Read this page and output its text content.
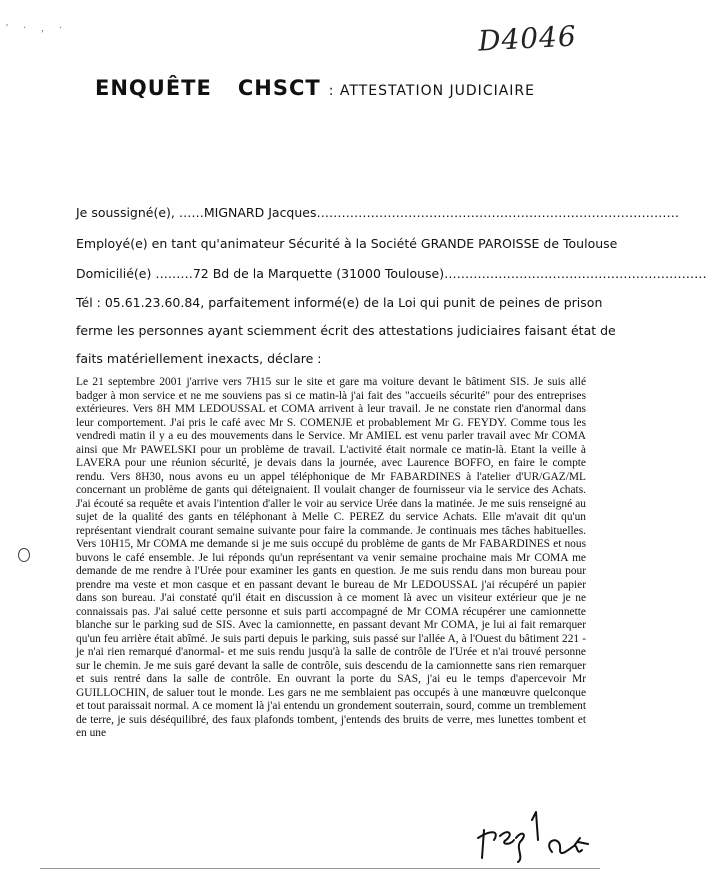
' · , ·	D4046
ENQUÊTE CHSCT : ATTESTATION JUDICIAIRE
Je soussigné(e), ……MIGNARD Jacques……………………………………………………………………………
Employé(e) en tant qu'animateur Sécurité à la Société GRANDE PAROISSE de Toulouse
Domicilié(e) ………72 Bd de la Marquette (31000 Toulouse)………………………………………………………
Tél : 05.61.23.60.84, parfaitement informé(e) de la Loi qui punit de peines de prison
ferme les personnes ayant sciemment écrit des attestations judiciaires faisant état de
faits matériellement inexacts, déclare :

Le 21 septembre 2001 j'arrive vers 7H15 sur le site et gare ma voiture devant le bâtiment SIS. Je suis allé badger à mon service et ne me souviens pas si ce matin-là j'ai fait des "accueils sécurité" pour des entreprises extérieures. Vers 8H MM LEDOUSSAL et COMA arrivent à leur travail. Je ne constate rien d'anormal dans leur comportement. J'ai pris le café avec Mr S. COMENJE et probablement Mr G. FEYDY. Comme tous les vendredi matin il y a eu des mouvements dans le Service. Mr AMIEL est venu parler travail avec Mr COMA ainsi que Mr PAWELSKI pour un problème de travail. L'activité était normale ce matin-là. Etant la veille à LAVERA pour une réunion sécurité, je devais dans la journée, avec Laurence BOFFO, en faire le compte rendu. Vers 8H30, nous avons eu un appel téléphonique de Mr FABARDINES à l'atelier d'UR/GAZ/ML concernant un problème de gants qui déteignaient. Il voulait changer de fournisseur via le service des Achats. J'ai écouté sa requête et avais l'intention d'aller le voir au service Urée dans la matinée. Je me suis renseigné au sujet de la qualité des gants en téléphonant à Melle C. PEREZ du service Achats. Elle m'avait dit qu'un représentant viendrait courant semaine suivante pour faire la commande. Je continuais mes tâches habituelles. Vers 10H15, Mr COMA me demande si je me suis occupé du problème de gants de Mr FABARDINES et nous buvons le café ensemble. Je lui réponds qu'un représentant va venir semaine prochaine mais Mr COMA me demande de me rendre à l'Urée pour examiner les gants en question. Je me suis rendu dans mon bureau pour prendre ma veste et mon casque et en passant devant le bureau de Mr LEDOUSSAL j'ai récupéré un papier dans son bureau. J'ai constaté qu'il était en discussion à ce moment là avec un visiteur extérieur que je ne connaissais pas. J'ai salué cette personne et suis parti accompagné de Mr COMA récupérer une camionnette blanche sur le parking sud de SIS. Avec la camionnette, en passant devant Mr COMA, je lui ai fait remarquer qu'un feu arrière était abîmé. Je suis parti depuis le parking, suis passé sur l'allée A, à l'Ouest du bâtiment 221 -je n'ai rien remarqué d'anormal- et me suis rendu jusqu'à la salle de contrôle de l'Urée et n'ai trouvé personne sur le chemin. Je me suis garé devant la salle de contrôle, suis descendu de la camionnette sans rien remarquer et suis rentré dans la salle de contrôle. En ouvrant la porte du SAS, j'ai eu le temps d'apercevoir Mr GUILLOCHIN, de saluer tout le monde. Les gars ne me semblaient pas occupés à une manœuvre quelconque et tout paraissait normal. A ce moment là j'ai entendu un grondement souterrain, sourd, comme un tremblement de terre, je suis déséquilibré, des faux plafonds tombent, j'entends des bruits de verre, mes lunettes tombent et en une
